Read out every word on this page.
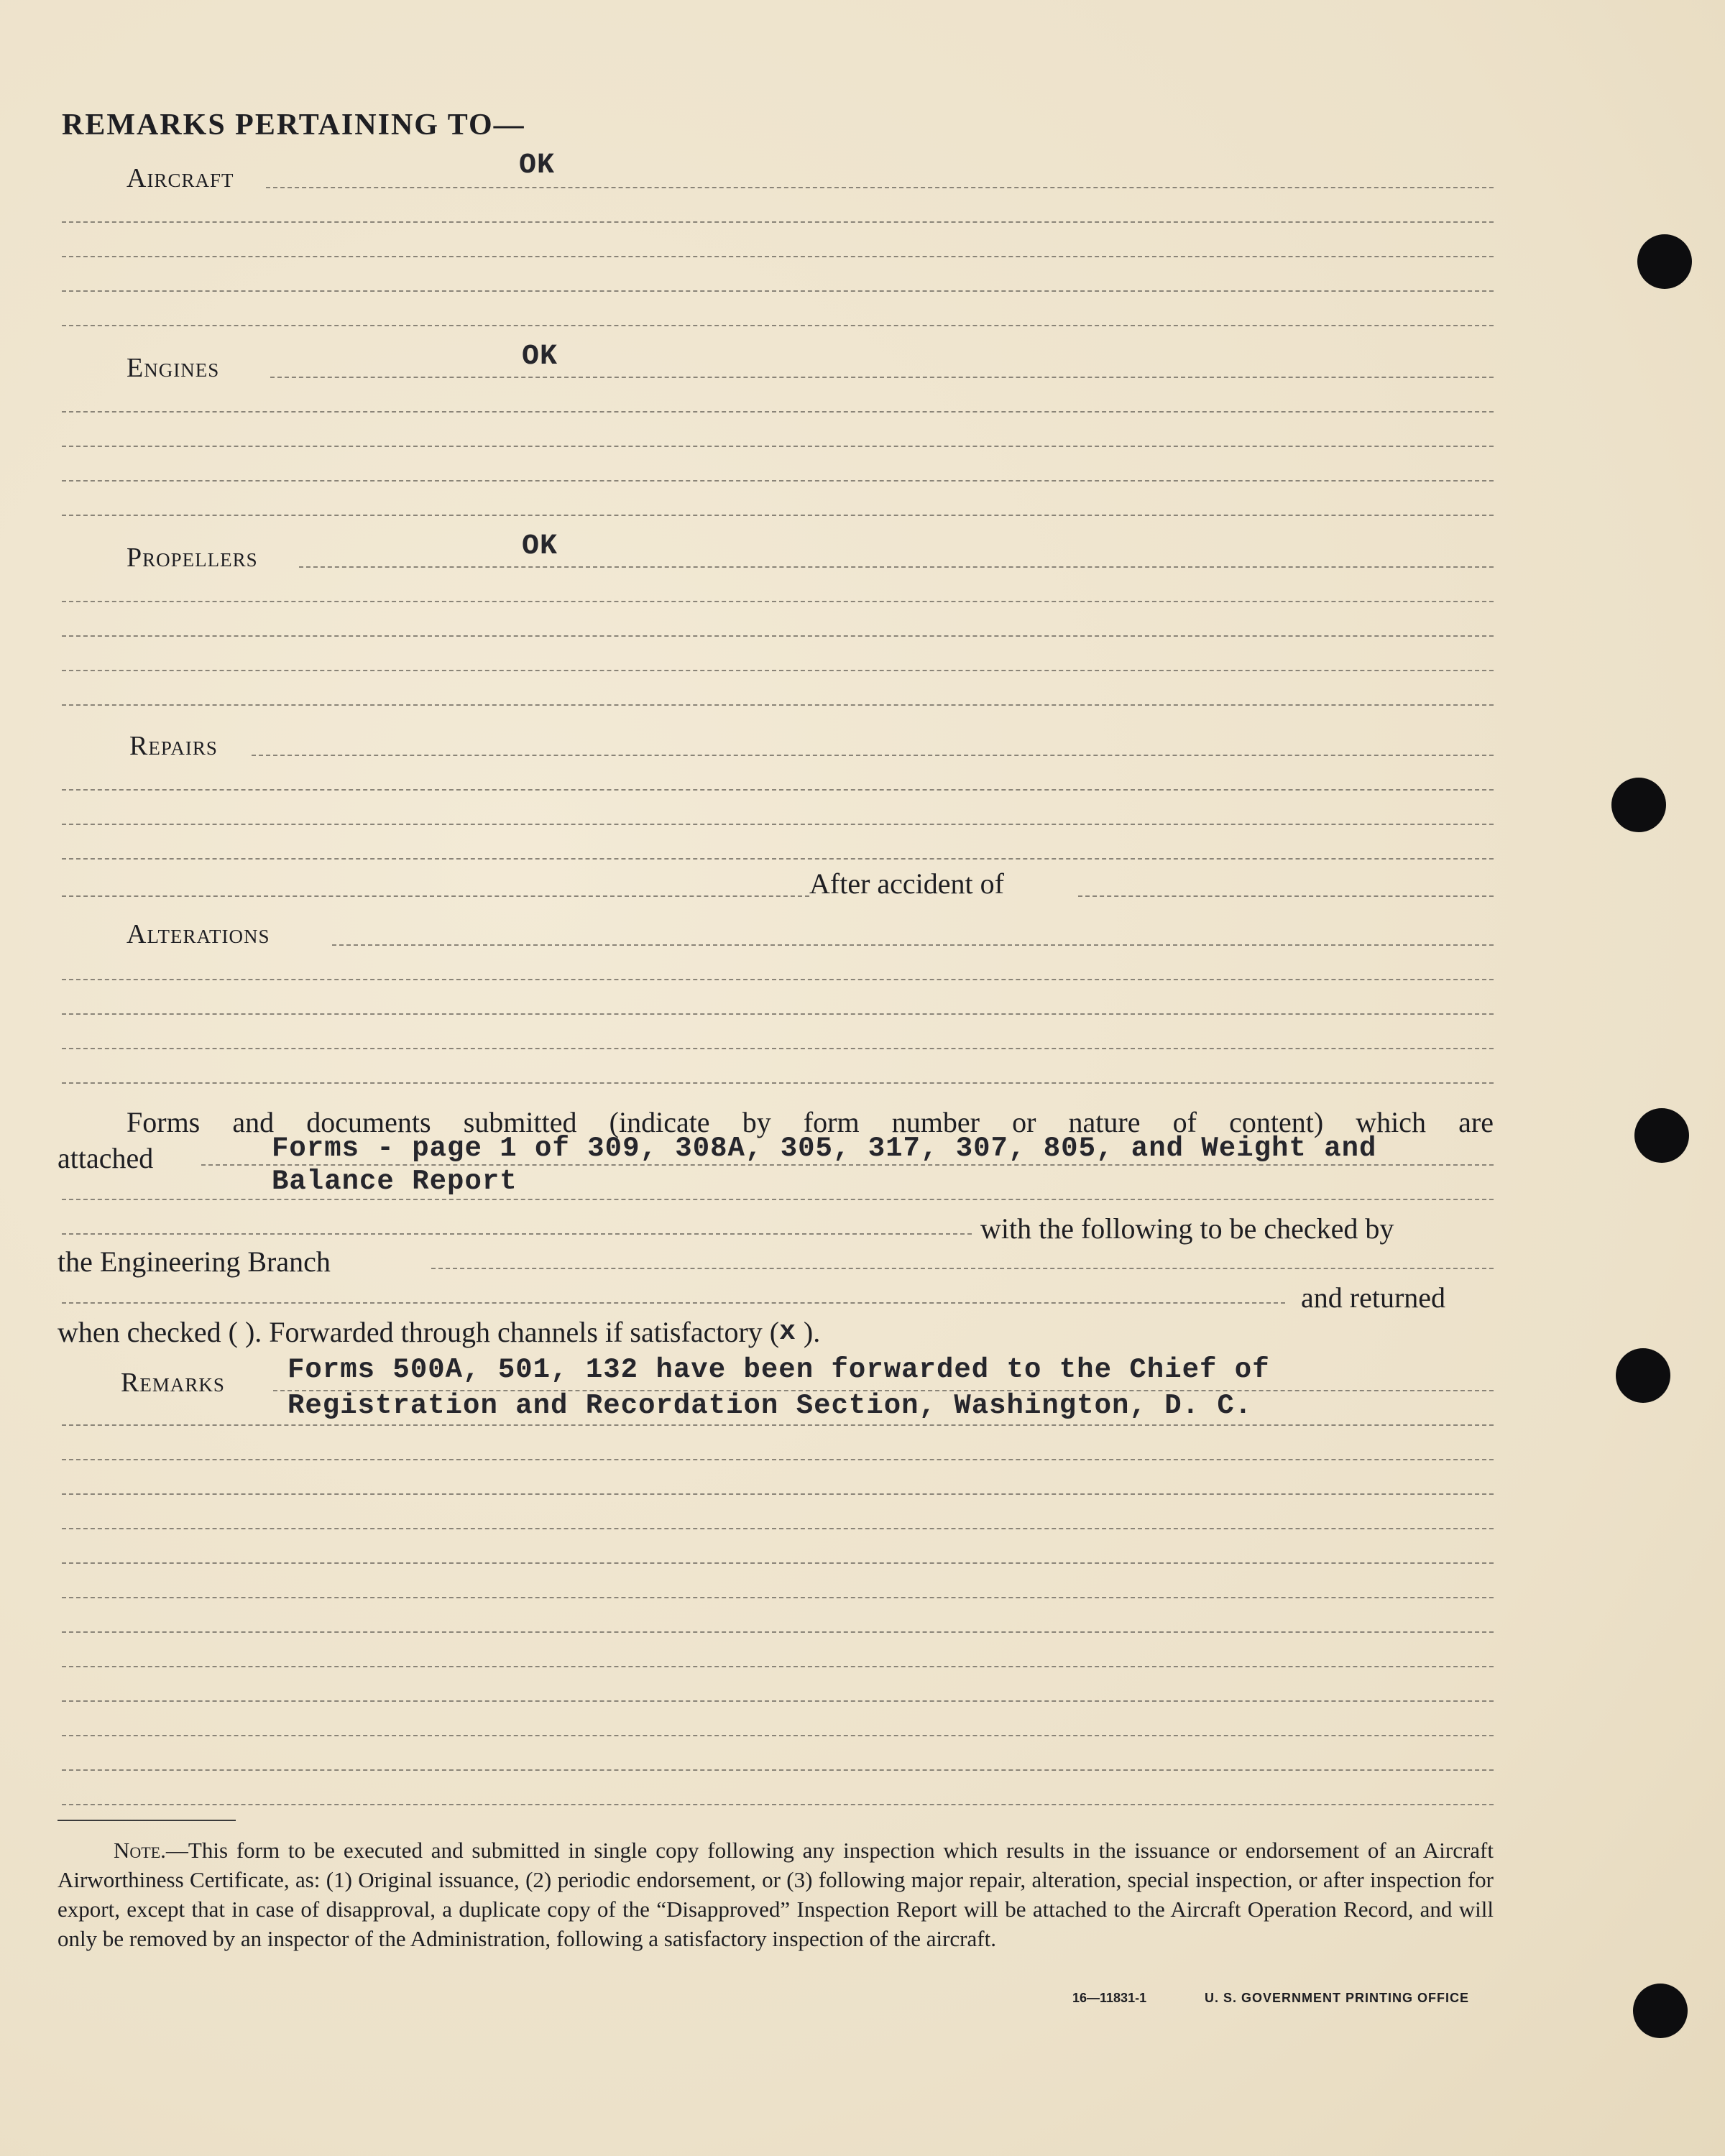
REMARKS PERTAINING TO—
Aircraft	OK
Engines	OK
Propellers	OK
Repairs
After accident of
Alterations
Forms and documents submitted (indicate by form number or nature of content) which are
attached	Forms - page 1 of 309, 308A, 305, 317, 307, 805, and Weight and
Balance Report
with the following to be checked by
the Engineering Branch
and returned
when checked ( ). Forwarded through channels if satisfactory (x ).
Remarks Forms 500A, 501, 132 have been forwarded to the Chief of
Registration and Recordation Section, Washington, D. C.
Note.—This form to be executed and submitted in single copy following any inspection which results in the issuance or endorsement of an Aircraft Airworthiness Certificate, as: (1) Original issuance, (2) periodic endorsement, or (3) following major repair, alteration, special inspection, or after inspection for export, except that in case of disapproval, a duplicate copy of the “Disapproved” Inspection Report will be attached to the Aircraft Operation Record, and will only be removed by an inspector of the Administration, following a satisfactory inspection of the aircraft.
16—11831-1	U. S. GOVERNMENT PRINTING OFFICE
